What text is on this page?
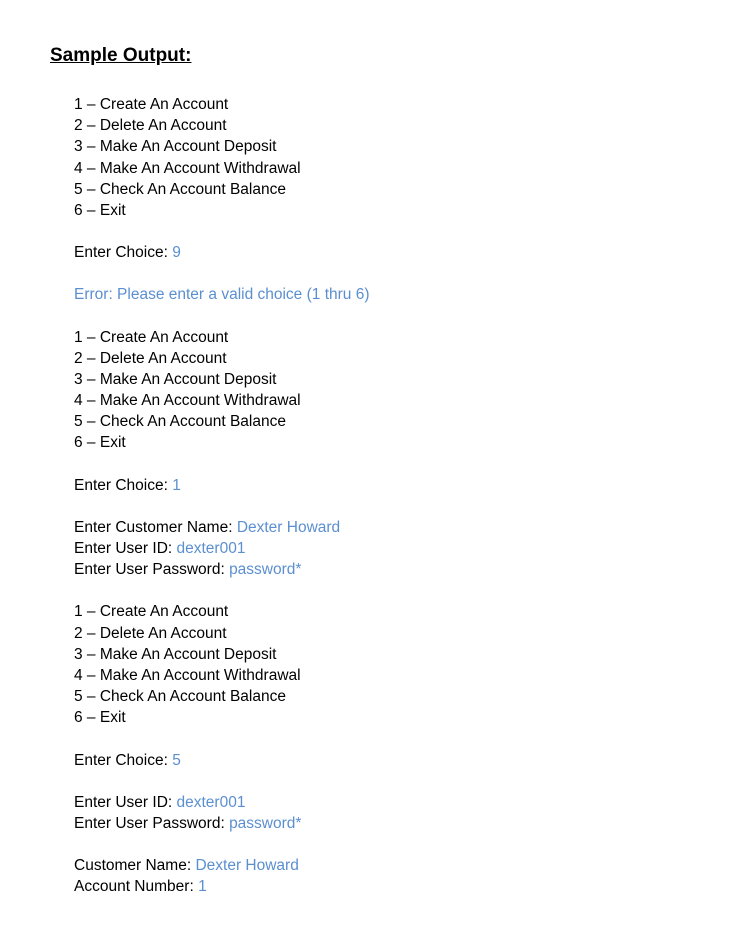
Sample Output:
1 – Create An Account
2 – Delete An Account
3 – Make An Account Deposit
4 – Make An Account Withdrawal
5 – Check An Account Balance
6 – Exit
Enter Choice: 9
Error: Please enter a valid choice (1 thru 6)
1 – Create An Account
2 – Delete An Account
3 – Make An Account Deposit
4 – Make An Account Withdrawal
5 – Check An Account Balance
6 – Exit
Enter Choice: 1
Enter Customer Name: Dexter Howard
Enter User ID: dexter001
Enter User Password: password*
1 – Create An Account
2 – Delete An Account
3 – Make An Account Deposit
4 – Make An Account Withdrawal
5 – Check An Account Balance
6 – Exit
Enter Choice: 5
Enter User ID: dexter001
Enter User Password: password*
Customer Name: Dexter Howard
Account Number: 1
